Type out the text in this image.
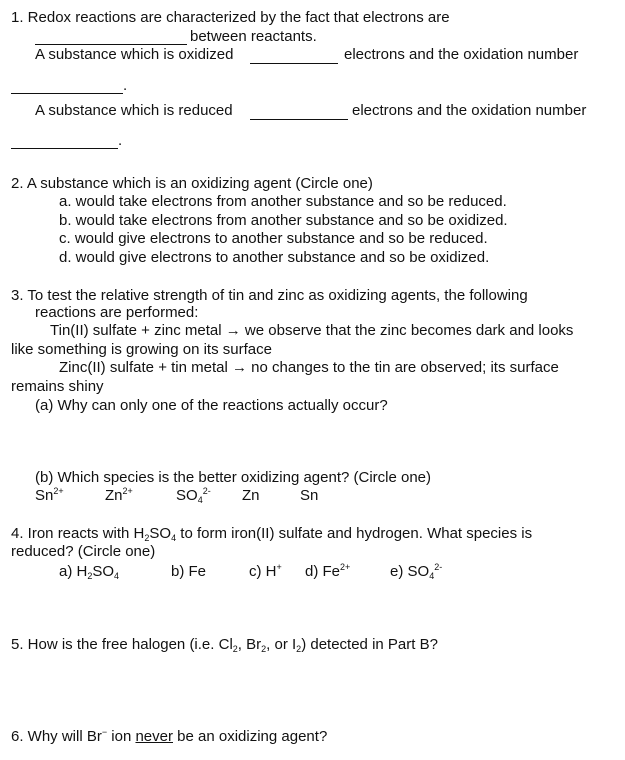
1. Redox reactions are characterized by the fact that electrons are
between reactants.
A substance which is oxidized	electrons and the oxidation number
.
A substance which is reduced	electrons and the oxidation number
.
2. A substance which is an oxidizing agent (Circle one)
a. would take electrons from another substance and so be reduced.
b. would take electrons from another substance and so be oxidized.
c. would give electrons to another substance and so be reduced.
d. would give electrons to another substance and so be oxidized.
3. To test the relative strength of tin and zinc as oxidizing agents, the following
reactions are performed:
Tin(II) sulfate + zinc metal → we observe that the zinc becomes dark and looks
like something is growing on its surface
Zinc(II) sulfate + tin metal → no changes to the tin are observed; its surface
remains shiny
(a) Why can only one of the reactions actually occur?
(b) Which species is the better oxidizing agent? (Circle one)
$Sn^{2+}$	$Zn^{2+}$	$SO_4^{2-}$ Zn	Sn
4. Iron reacts with $H_2SO_4$ to form iron(II) sulfate and hydrogen. What species is
reduced? (Circle one)
a) $H_2SO_4$	b) Fe	c) H+ d) $Fe^{2+}$	e) $SO_4^{2-}$
5. How is the free halogen (i.e. $Cl_2$, $Br_2$, or $I_2$) detected in Part B?
6. Why will Br− ion never be an oxidizing agent?
